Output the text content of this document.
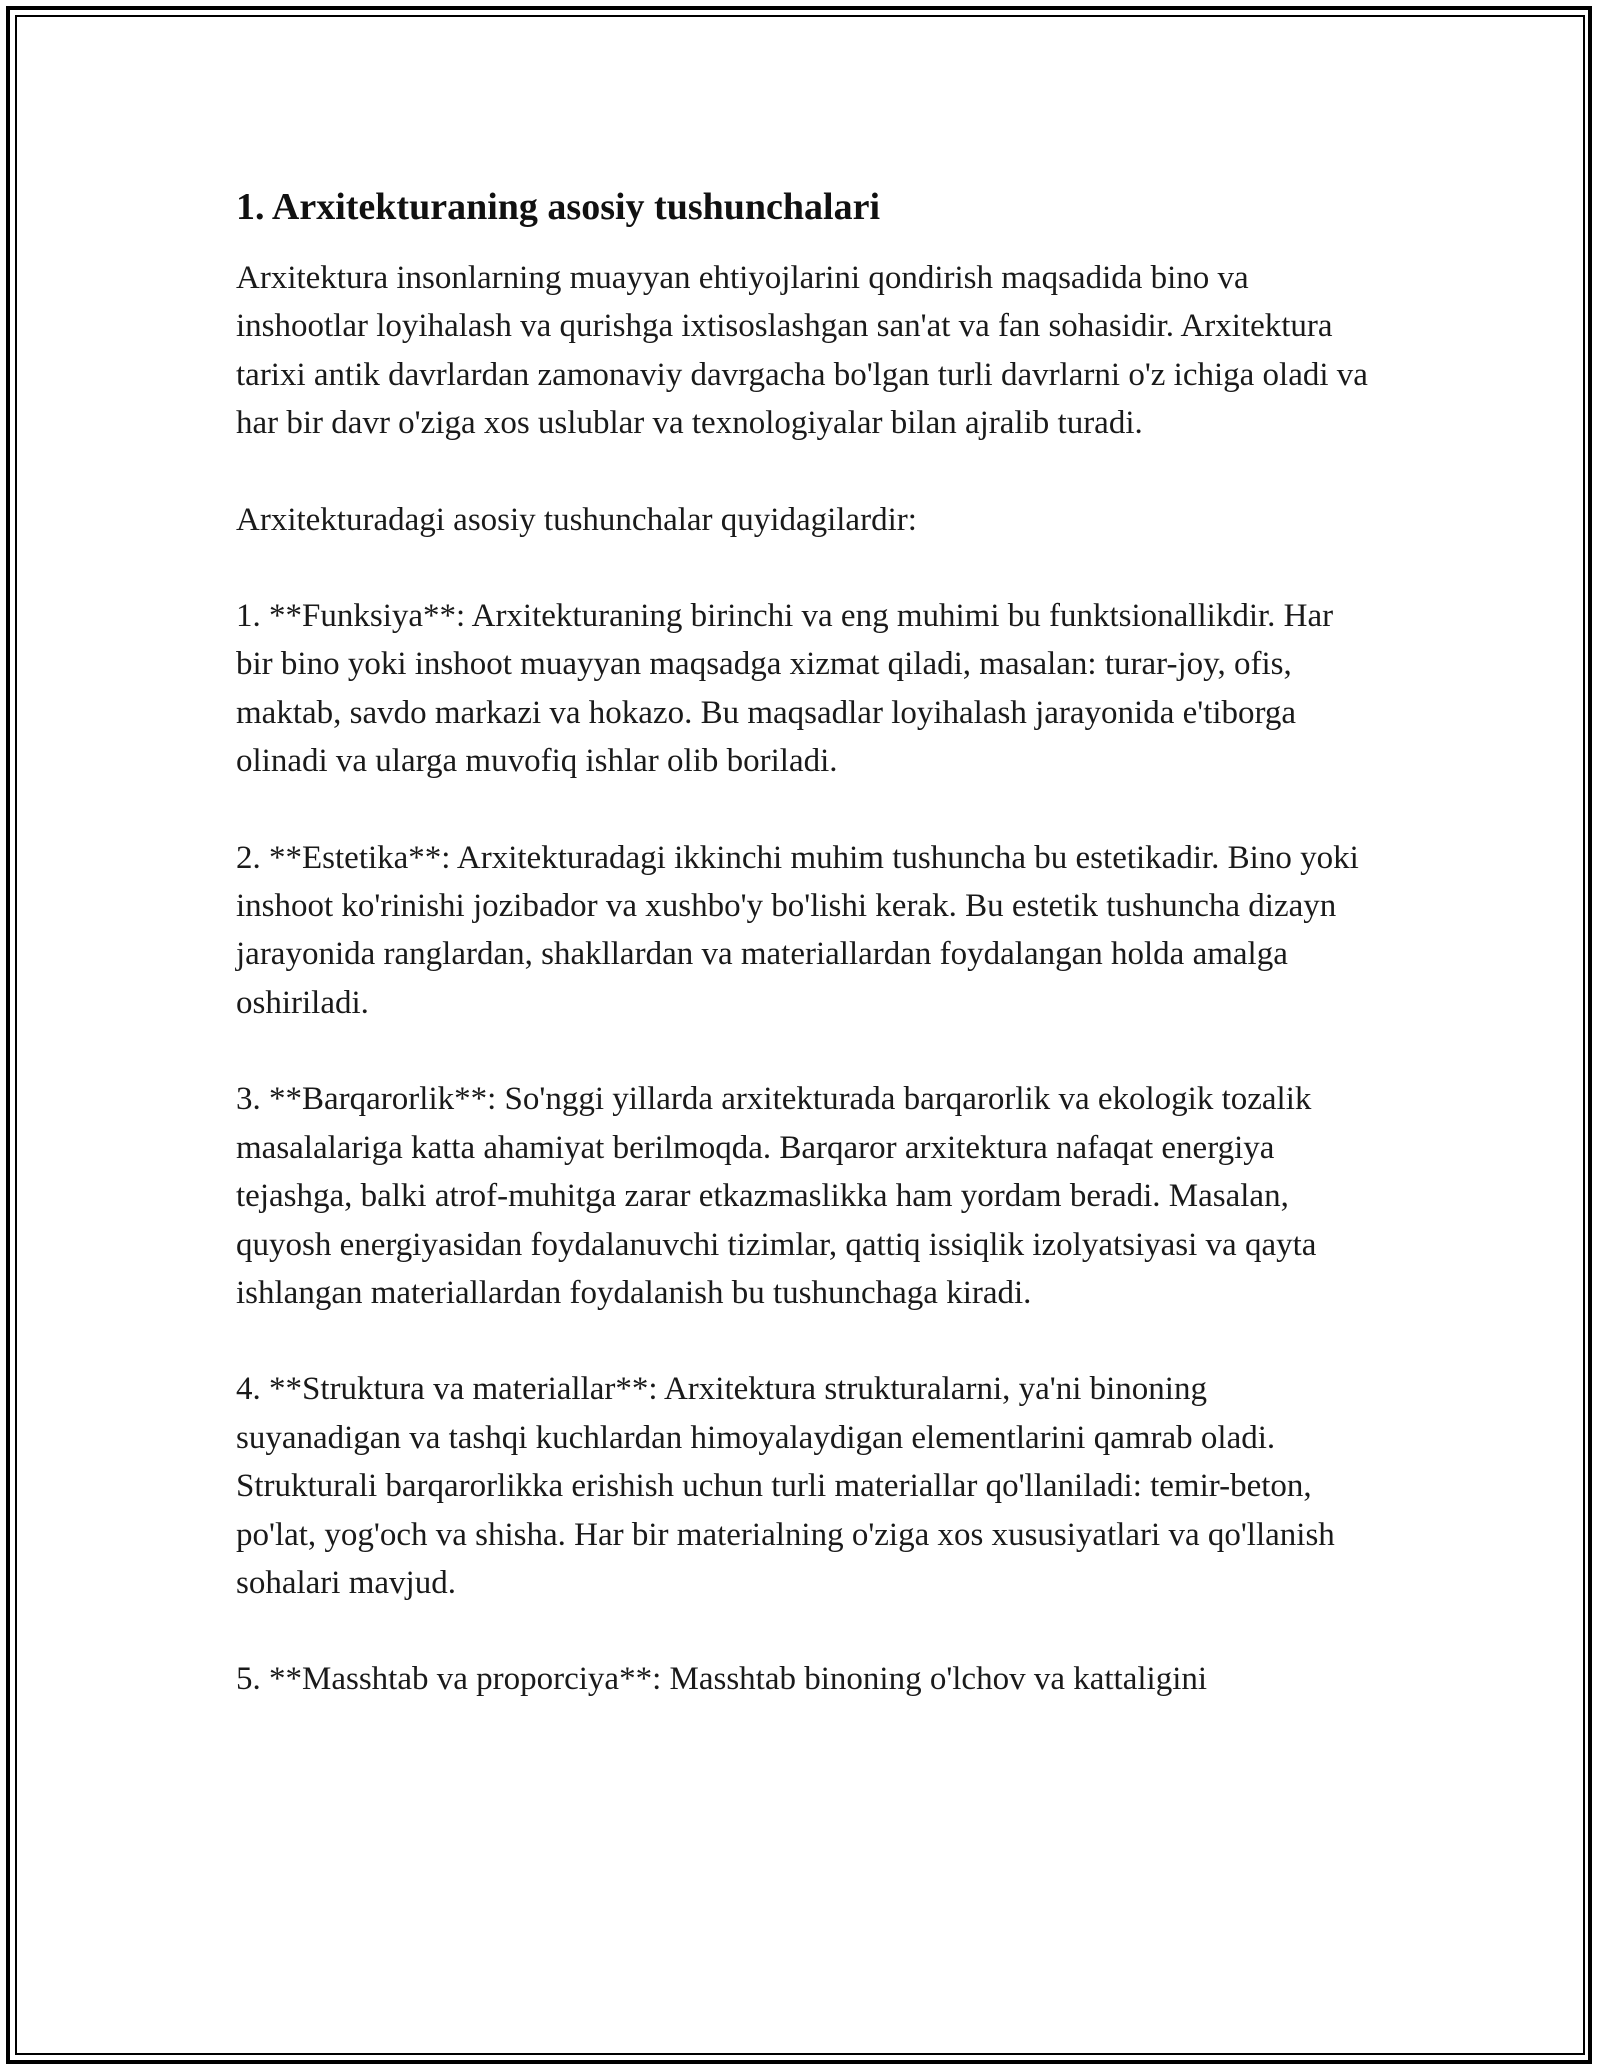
1. Arxitekturaning asosiy tushunchalari

Arxitektura insonlarning muayyan ehtiyojlarini qondirish maqsadida bino va inshootlar loyihalash va qurishga ixtisoslashgan san'at va fan sohasidir. Arxitektura tarixi antik davrlardan zamonaviy davrgacha bo'lgan turli davrlarni o'z ichiga oladi va har bir davr o'ziga xos uslublar va texnologiyalar bilan ajralib turadi.

Arxitekturadagi asosiy tushunchalar quyidagilardir:

1. **Funksiya**: Arxitekturaning birinchi va eng muhimi bu funktsionallikdir. Har bir bino yoki inshoot muayyan maqsadga xizmat qiladi, masalan: turar-joy, ofis, maktab, savdo markazi va hokazo. Bu maqsadlar loyihalash jarayonida e'tiborga olinadi va ularga muvofiq ishlar olib boriladi.

2. **Estetika**: Arxitekturadagi ikkinchi muhim tushuncha bu estetikadir. Bino yoki inshoot ko'rinishi jozibador va xushbo'y bo'lishi kerak. Bu estetik tushuncha dizayn jarayonida ranglardan, shakllardan va materiallardan foydalangan holda amalga oshiriladi.

3. **Barqarorlik**: So'nggi yillarda arxitekturada barqarorlik va ekologik tozalik masalalariga katta ahamiyat berilmoqda. Barqaror arxitektura nafaqat energiya tejashga, balki atrof-muhitga zarar etkazmaslikka ham yordam beradi. Masalan, quyosh energiyasidan foydalanuvchi tizimlar, qattiq issiqlik izolyatsiyasi va qayta ishlangan materiallardan foydalanish bu tushunchaga kiradi.

4. **Struktura va materiallar**: Arxitektura strukturalarni, ya'ni binoning suyanadigan va tashqi kuchlardan himoyalaydigan elementlarini qamrab oladi. Strukturali barqarorlikka erishish uchun turli materiallar qo'llaniladi: temir-beton, po'lat, yog'och va shisha. Har bir materialning o'ziga xos xususiyatlari va qo'llanish sohalari mavjud.

5. **Masshtab va proporciya**: Masshtab binoning o'lchov va kattaligini
